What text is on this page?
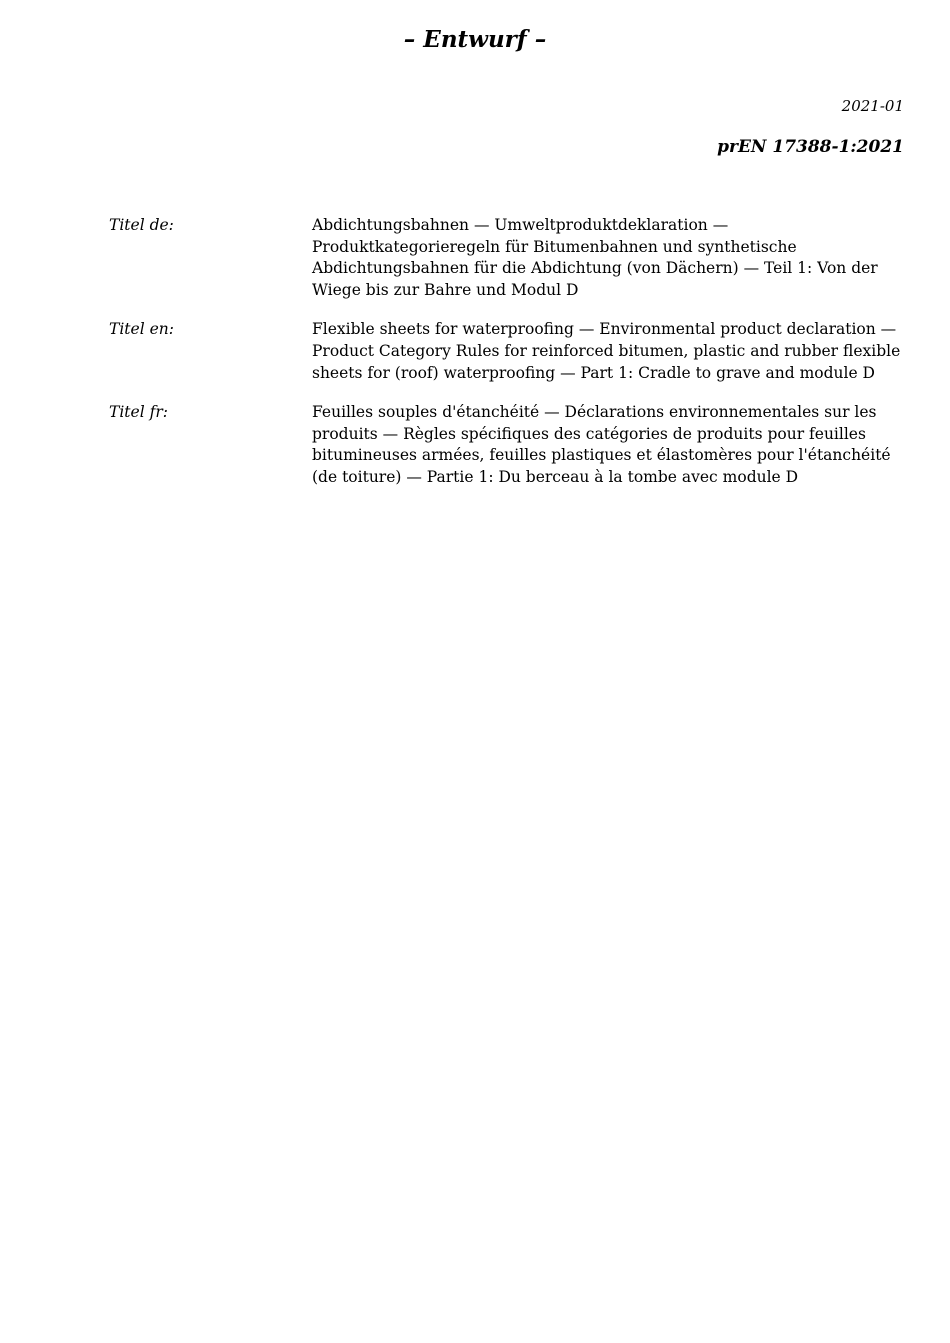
– Entwurf –
2021-01
prEN 17388-1:2021
Titel de:	Abdichtungsbahnen — Umweltproduktdeklaration — Produktkategorieregeln für Bitumenbahnen und synthetische Abdichtungsbahnen für die Abdichtung (von Dächern) — Teil 1: Von der Wiege bis zur Bahre und Modul D
Titel en:	Flexible sheets for waterproofing — Environmental product declaration — Product Category Rules for reinforced bitumen, plastic and rubber flexible sheets for (roof) waterproofing — Part 1: Cradle to grave and module D
Titel fr:	Feuilles souples d'étanchéité — Déclarations environnementales sur les produits — Règles spécifiques des catégories de produits pour feuilles bitumineuses armées, feuilles plastiques et élastomères pour l'étanchéité (de toiture) — Partie 1: Du berceau à la tombe avec module D
